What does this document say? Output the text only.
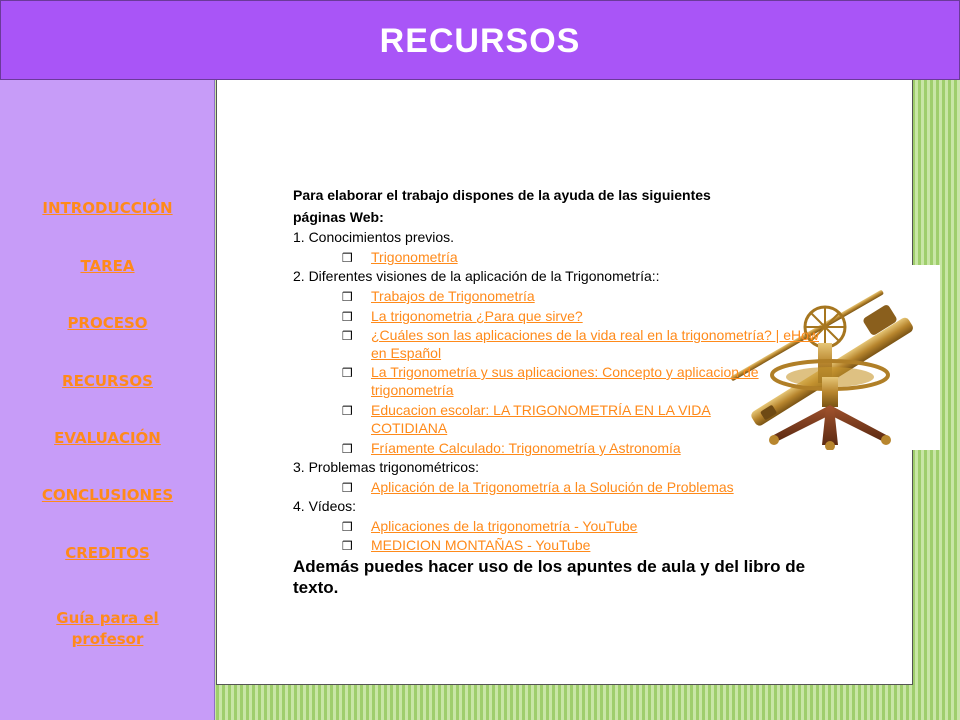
RECURSOS
INTRODUCCIÓN
TAREA
PROCESO
RECURSOS
EVALUACIÓN
CONCLUSIONES
CREDITOS
Guía para el profesor
Para elaborar el trabajo dispones de la ayuda de las siguientes
páginas Web:
1. Conocimientos previos.
❒ Trigonometría
2. Diferentes visiones de la aplicación de la Trigonometría::
❒ Trabajos de Trigonometría
❒ La trigonometria ¿Para que sirve?
❒ ¿Cuáles son las aplicaciones de la vida real en la trigonometría? | eHow en Español
❒ La Trigonometría y sus aplicaciones: Concepto y aplicacion de trigonometría
❒ Educacion escolar: LA TRIGONOMETRÍA EN LA VIDA COTIDIANA
❒ Fríamente Calculado: Trigonometría y Astronomía
3. Problemas trigonométricos:
❒ Aplicación de la Trigonometría a la Solución de Problemas
4. Vídeos:
❒ Aplicaciones de la trigonometría - YouTube
❒ MEDICION MONTAÑAS - YouTube
Además puedes hacer uso de los apuntes de aula y del libro de texto.
